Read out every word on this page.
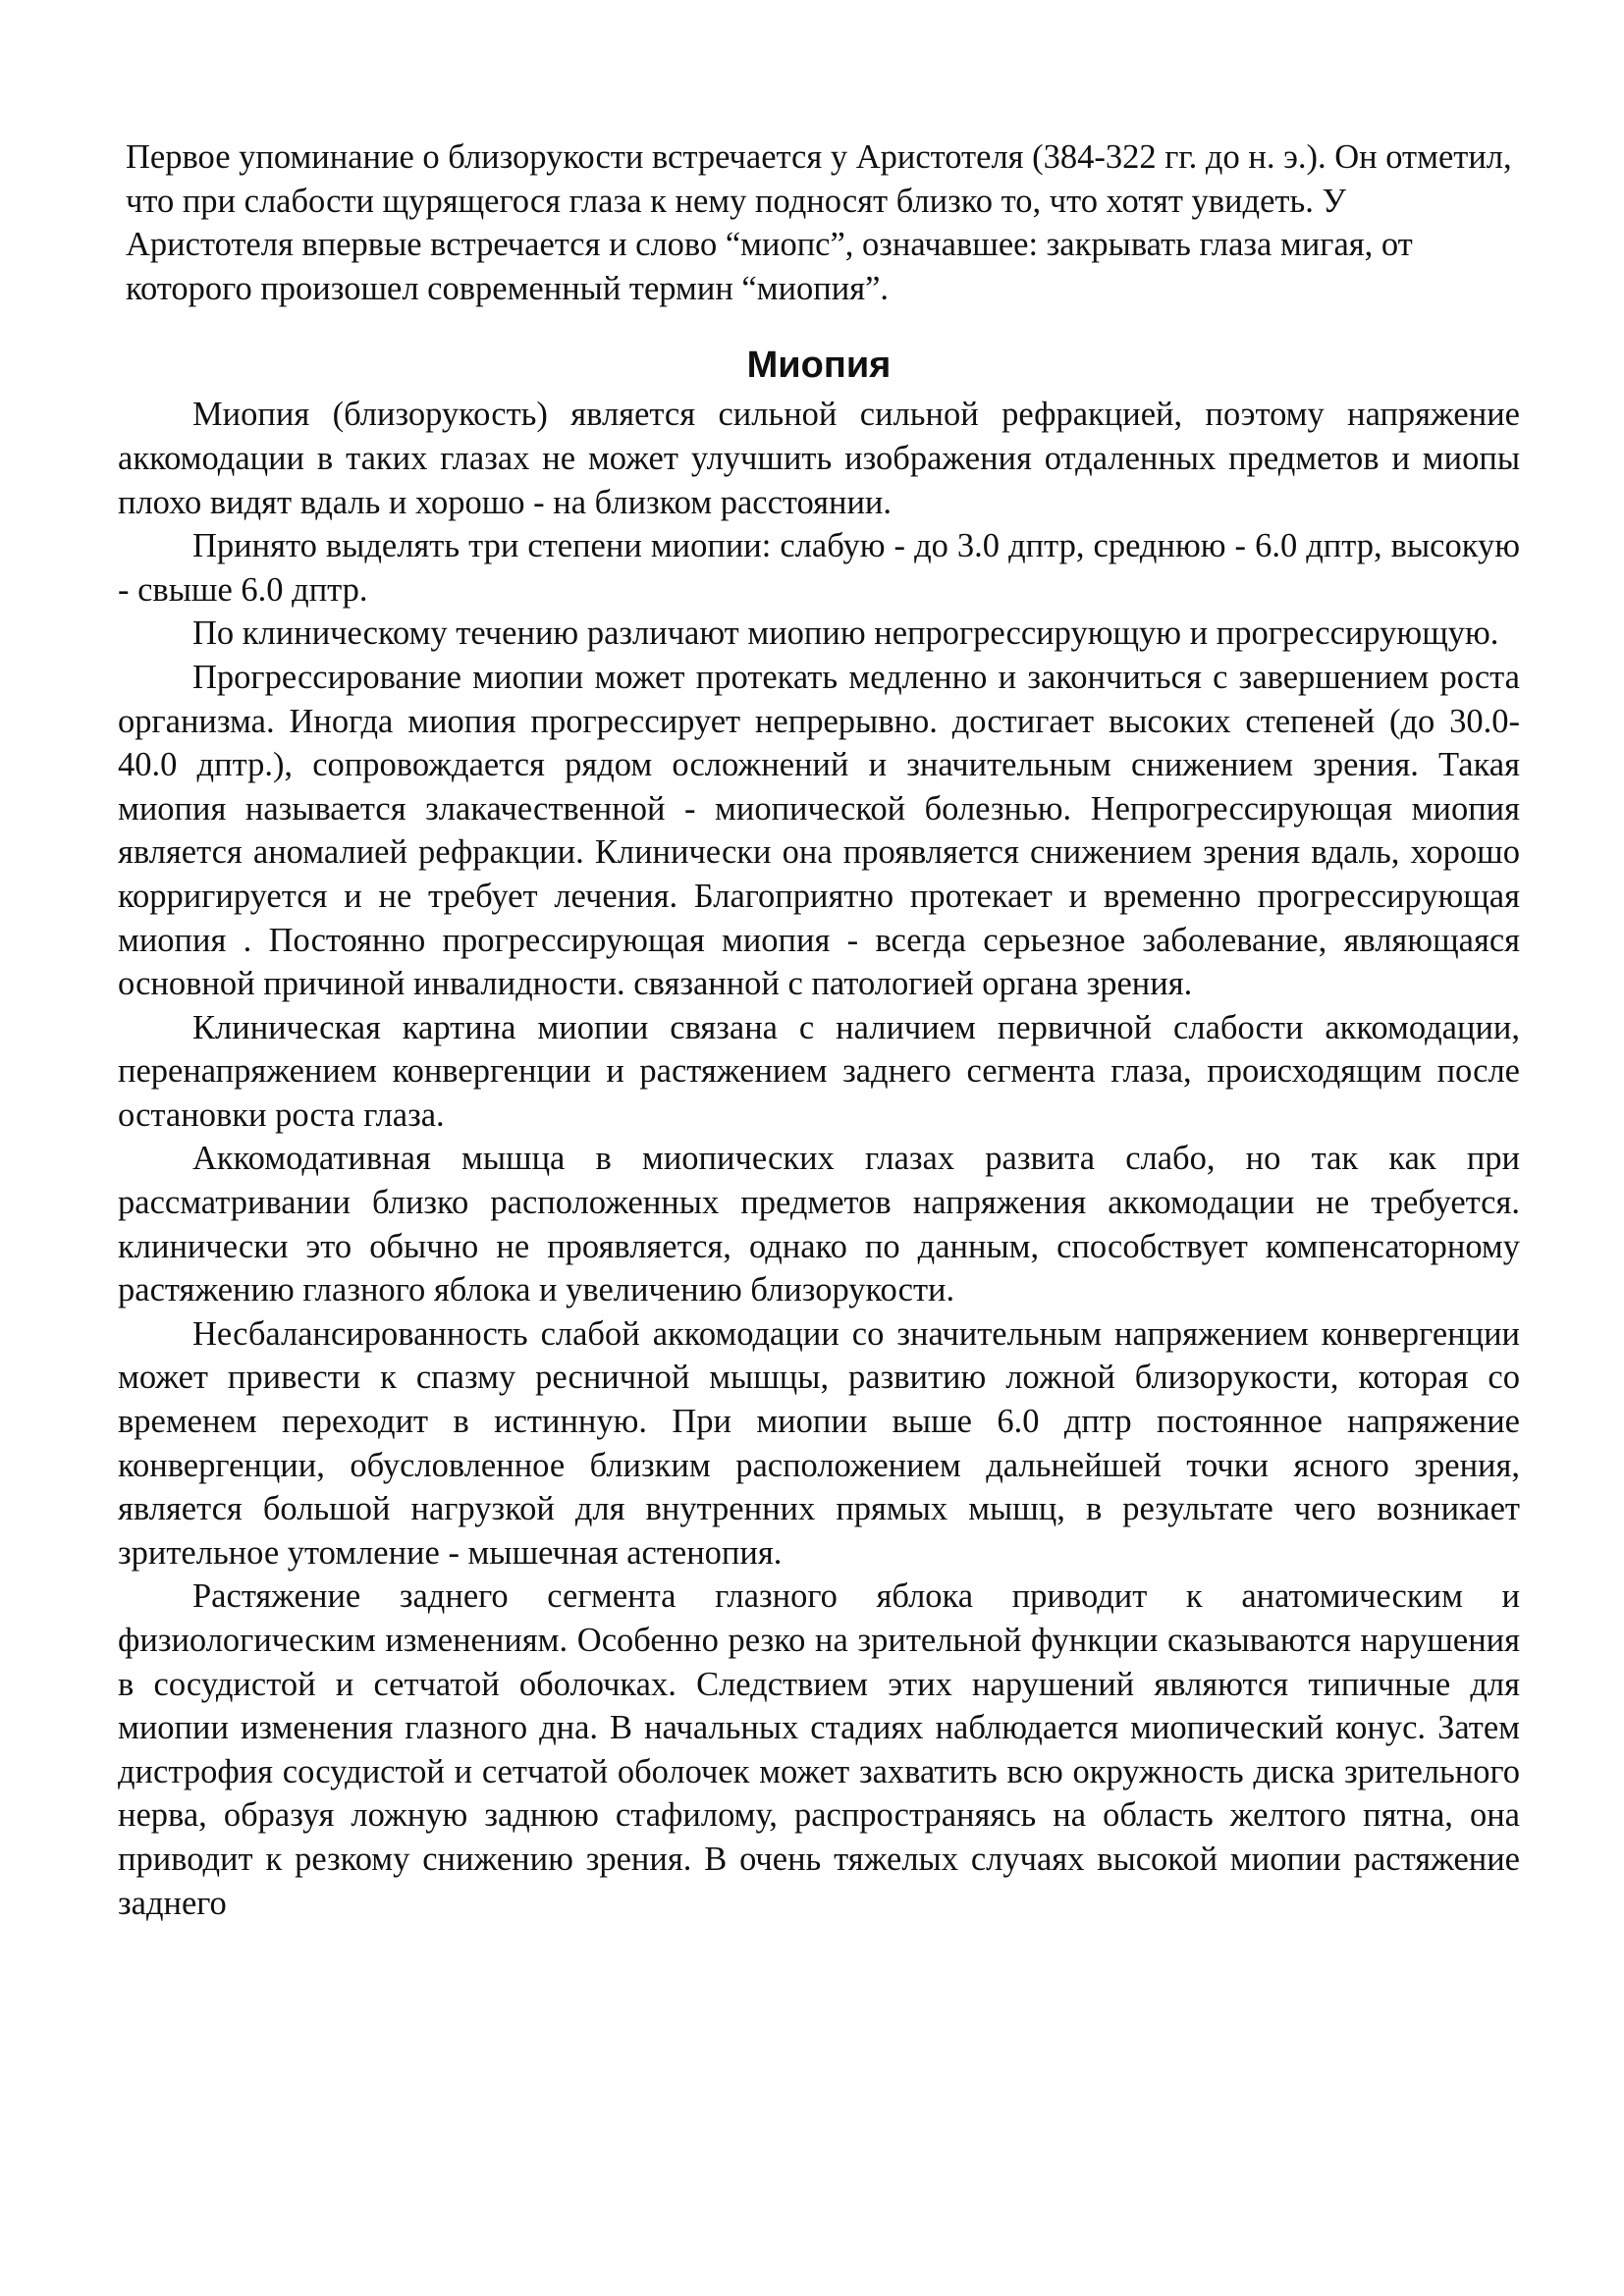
Первое упоминание о близорукости встречается у Аристотеля (384-322 гг. до н. э.). Он отметил, что при слабости щурящегося глаза к нему подносят близко то, что хотят увидеть. У Аристотеля впервые встречается и слово “миопс”, означавшее: закрывать глаза мигая, от которого произошел современный термин “миопия”.

Миопия

Миопия (близорукость) является сильной сильной рефракцией, поэтому напряжение аккомодации в таких глазах не может улучшить изображения отдаленных предметов и миопы плохо видят вдаль и хорошо - на близком расстоянии.

Принято выделять три степени миопии: слабую - до 3.0 дптр, среднюю - 6.0 дптр, высокую - свыше 6.0 дптр.

По клиническому течению различают миопию непрогрессирующую и прогрессирующую.

Прогрессирование миопии может протекать медленно и закончиться с завершением роста организма. Иногда миопия прогрессирует непрерывно. достигает высоких степеней (до 30.0-40.0 дптр.), сопровождается рядом осложнений и значительным снижением зрения. Такая миопия называется злакачественной - миопической болезнью. Непрогрессирующая миопия является аномалией рефракции. Клинически она проявляется снижением зрения вдаль, хорошо корригируется и не требует лечения. Благоприятно протекает и временно прогрессирующая миопия . Постоянно прогрессирующая миопия - всегда серьезное заболевание, являющаяся основной причиной инвалидности. связанной с патологией органа зрения.

Клиническая картина миопии связана с наличием первичной слабости аккомодации, перенапряжением конвергенции и растяжением заднего сегмента глаза, происходящим после остановки роста глаза.

Аккомодативная мышца в миопических глазах развита слабо, но так как при рассматривании близко расположенных предметов напряжения аккомодации не требуется. клинически это обычно не проявляется, однако по данным, способствует компенсаторному растяжению глазного яблока и увеличению близорукости.

Несбалансированность слабой аккомодации со значительным напряжением конвергенции может привести к спазму ресничной мышцы, развитию ложной близорукости, которая со временем переходит в истинную. При миопии выше 6.0 дптр постоянное напряжение конвергенции, обусловленное близким расположением дальнейшей точки ясного зрения, является большой нагрузкой для внутренних прямых мышц, в результате чего возникает зрительное утомление - мышечная астенопия.

Растяжение заднего сегмента глазного яблока приводит к анатомическим и физиологическим изменениям. Особенно резко на зрительной функции сказываются нарушения в сосудистой и сетчатой оболочках. Следствием этих нарушений являются типичные для миопии изменения глазного дна. В начальных стадиях наблюдается миопический конус. Затем дистрофия сосудистой и сетчатой оболочек может захватить всю окружность диска зрительного нерва, образуя ложную заднюю стафилому, распространяясь на область желтого пятна, она приводит к резкому снижению зрения. В очень тяжелых случаях высокой миопии растяжение заднего
